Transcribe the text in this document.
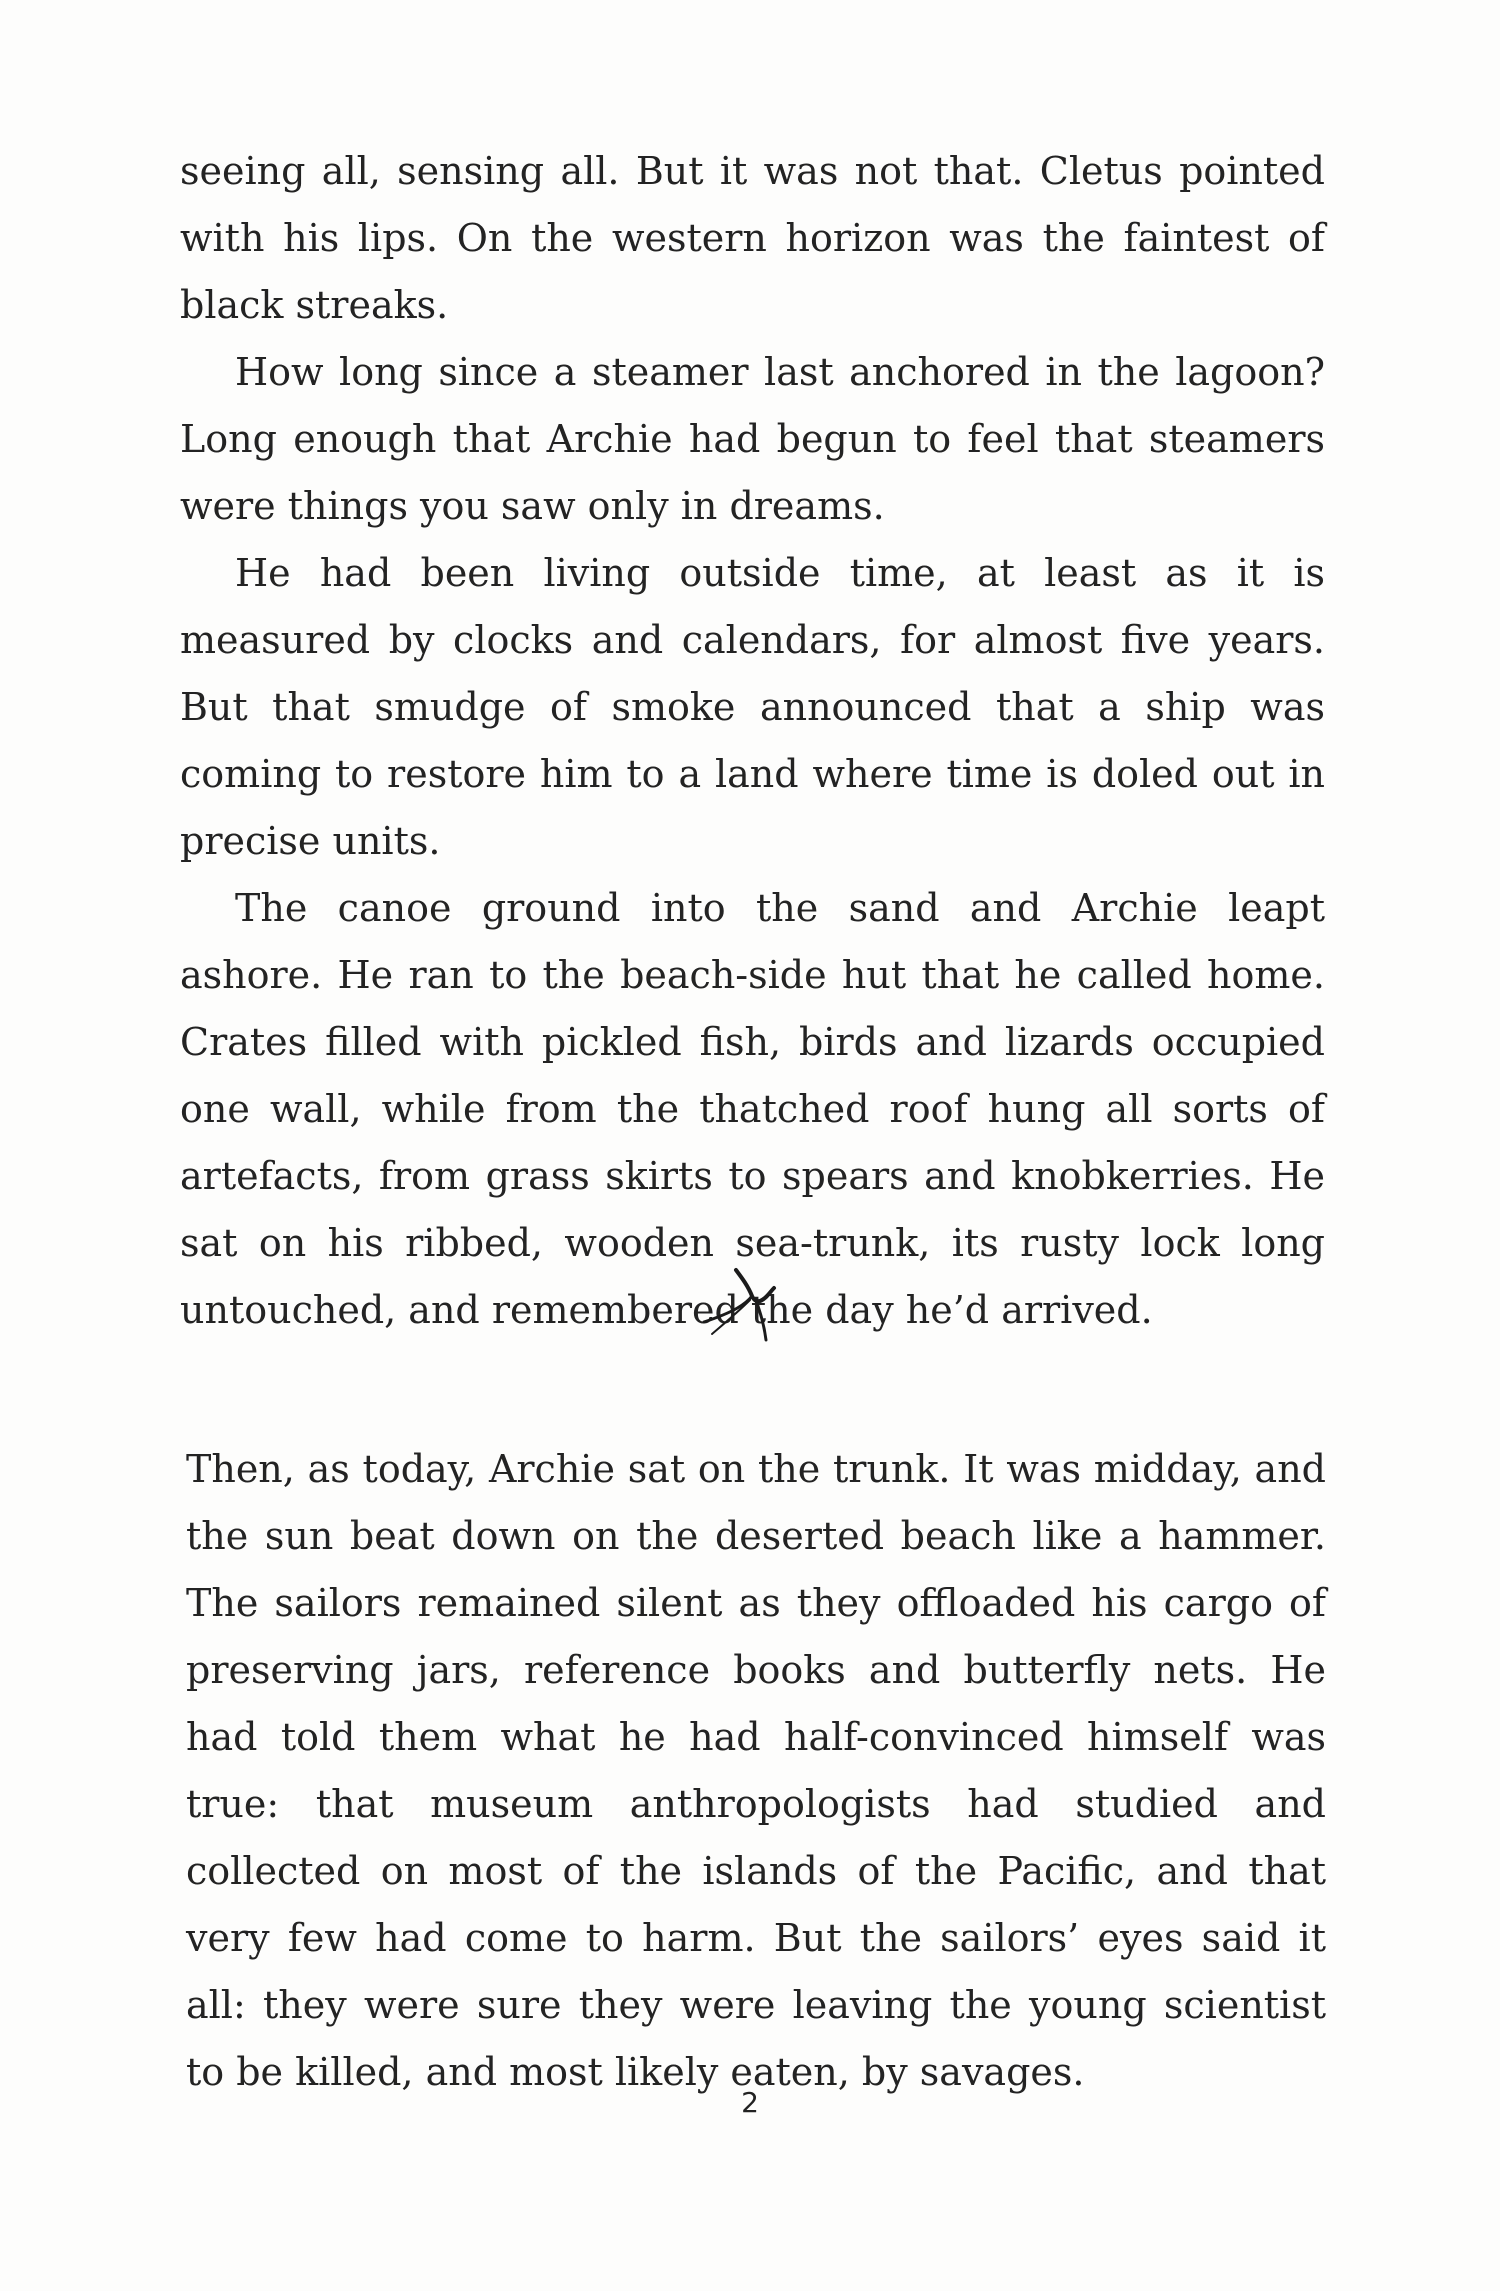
seeing all, sensing all. But it was not that. Cletus pointed with his lips. On the western horizon was the faintest of black streaks.

How long since a steamer last anchored in the lagoon? Long enough that Archie had begun to feel that steamers were things you saw only in dreams.

He had been living outside time, at least as it is measured by clocks and calendars, for almost five years. But that smudge of smoke announced that a ship was coming to restore him to a land where time is doled out in precise units.

The canoe ground into the sand and Archie leapt ashore. He ran to the beach-side hut that he called home. Crates filled with pickled fish, birds and lizards occupied one wall, while from the thatched roof hung all sorts of artefacts, from grass skirts to spears and knobkerries. He sat on his ribbed, wooden sea-trunk, its rusty lock long untouched, and remembered the day he’d arrived.

Then, as today, Archie sat on the trunk. It was midday, and the sun beat down on the deserted beach like a hammer. The sailors remained silent as they offloaded his cargo of preserving jars, reference books and butterfly nets. He had told them what he had half-convinced himself was true: that museum anthropologists had studied and collected on most of the islands of the Pacific, and that very few had come to harm. But the sailors’ eyes said it all: they were sure they were leaving the young scientist to be killed, and most likely eaten, by savages.

2
